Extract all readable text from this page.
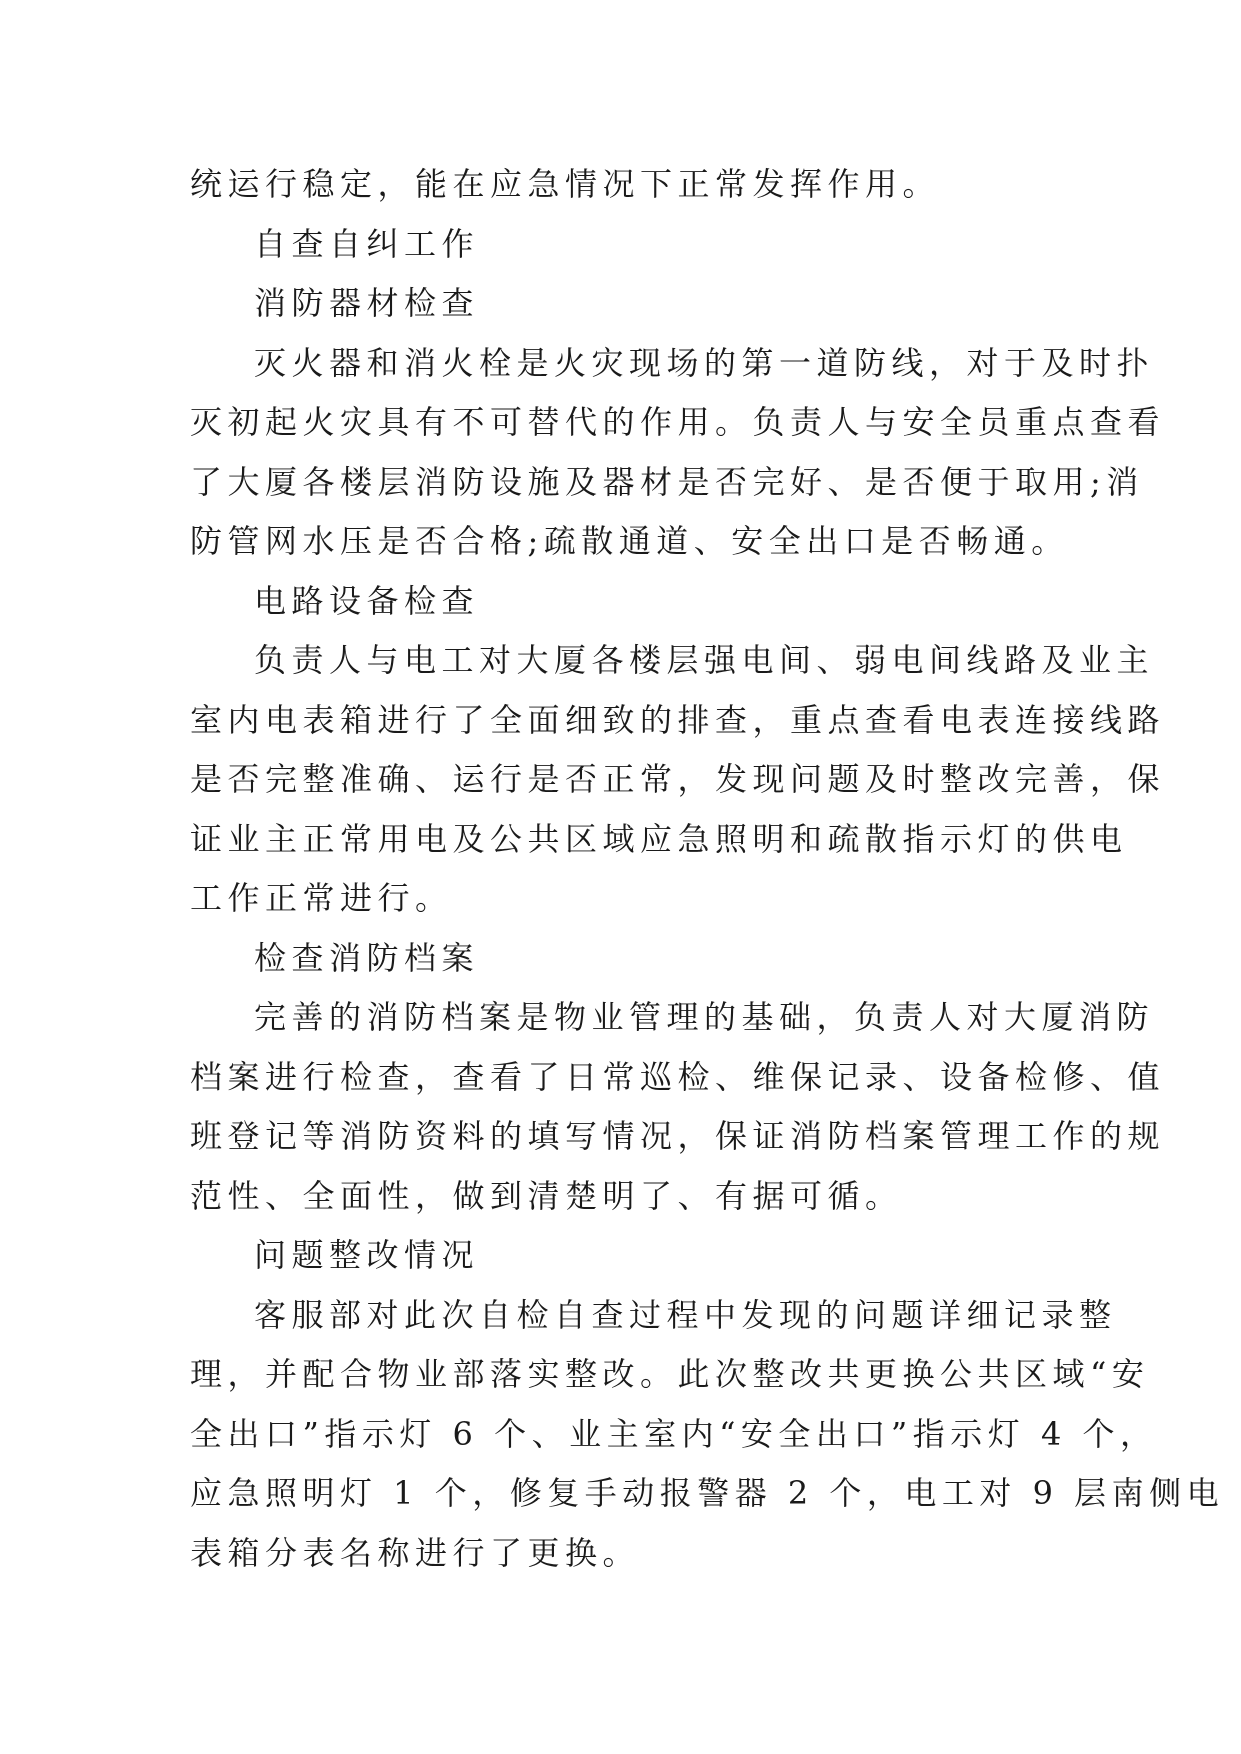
统运行稳定，能在应急情况下正常发挥作用。
自查自纠工作
消防器材检查
灭火器和消火栓是火灾现场的第一道防线，对于及时扑
灭初起火灾具有不可替代的作用。负责人与安全员重点查看
了大厦各楼层消防设施及器材是否完好、是否便于取用;消
防管网水压是否合格;疏散通道、安全出口是否畅通。
电路设备检查
负责人与电工对大厦各楼层强电间、弱电间线路及业主
室内电表箱进行了全面细致的排查，重点查看电表连接线路
是否完整准确、运行是否正常，发现问题及时整改完善，保
证业主正常用电及公共区域应急照明和疏散指示灯的供电
工作正常进行。
检查消防档案
完善的消防档案是物业管理的基础，负责人对大厦消防
档案进行检查，查看了日常巡检、维保记录、设备检修、值
班登记等消防资料的填写情况，保证消防档案管理工作的规
范性、全面性，做到清楚明了、有据可循。
问题整改情况
客服部对此次自检自查过程中发现的问题详细记录整
理，并配合物业部落实整改。此次整改共更换公共区域“安
全出口”指示灯 6 个、业主室内“安全出口”指示灯 4 个，
应急照明灯 1 个，修复手动报警器 2 个，电工对 9 层南侧电
表箱分表名称进行了更换。
